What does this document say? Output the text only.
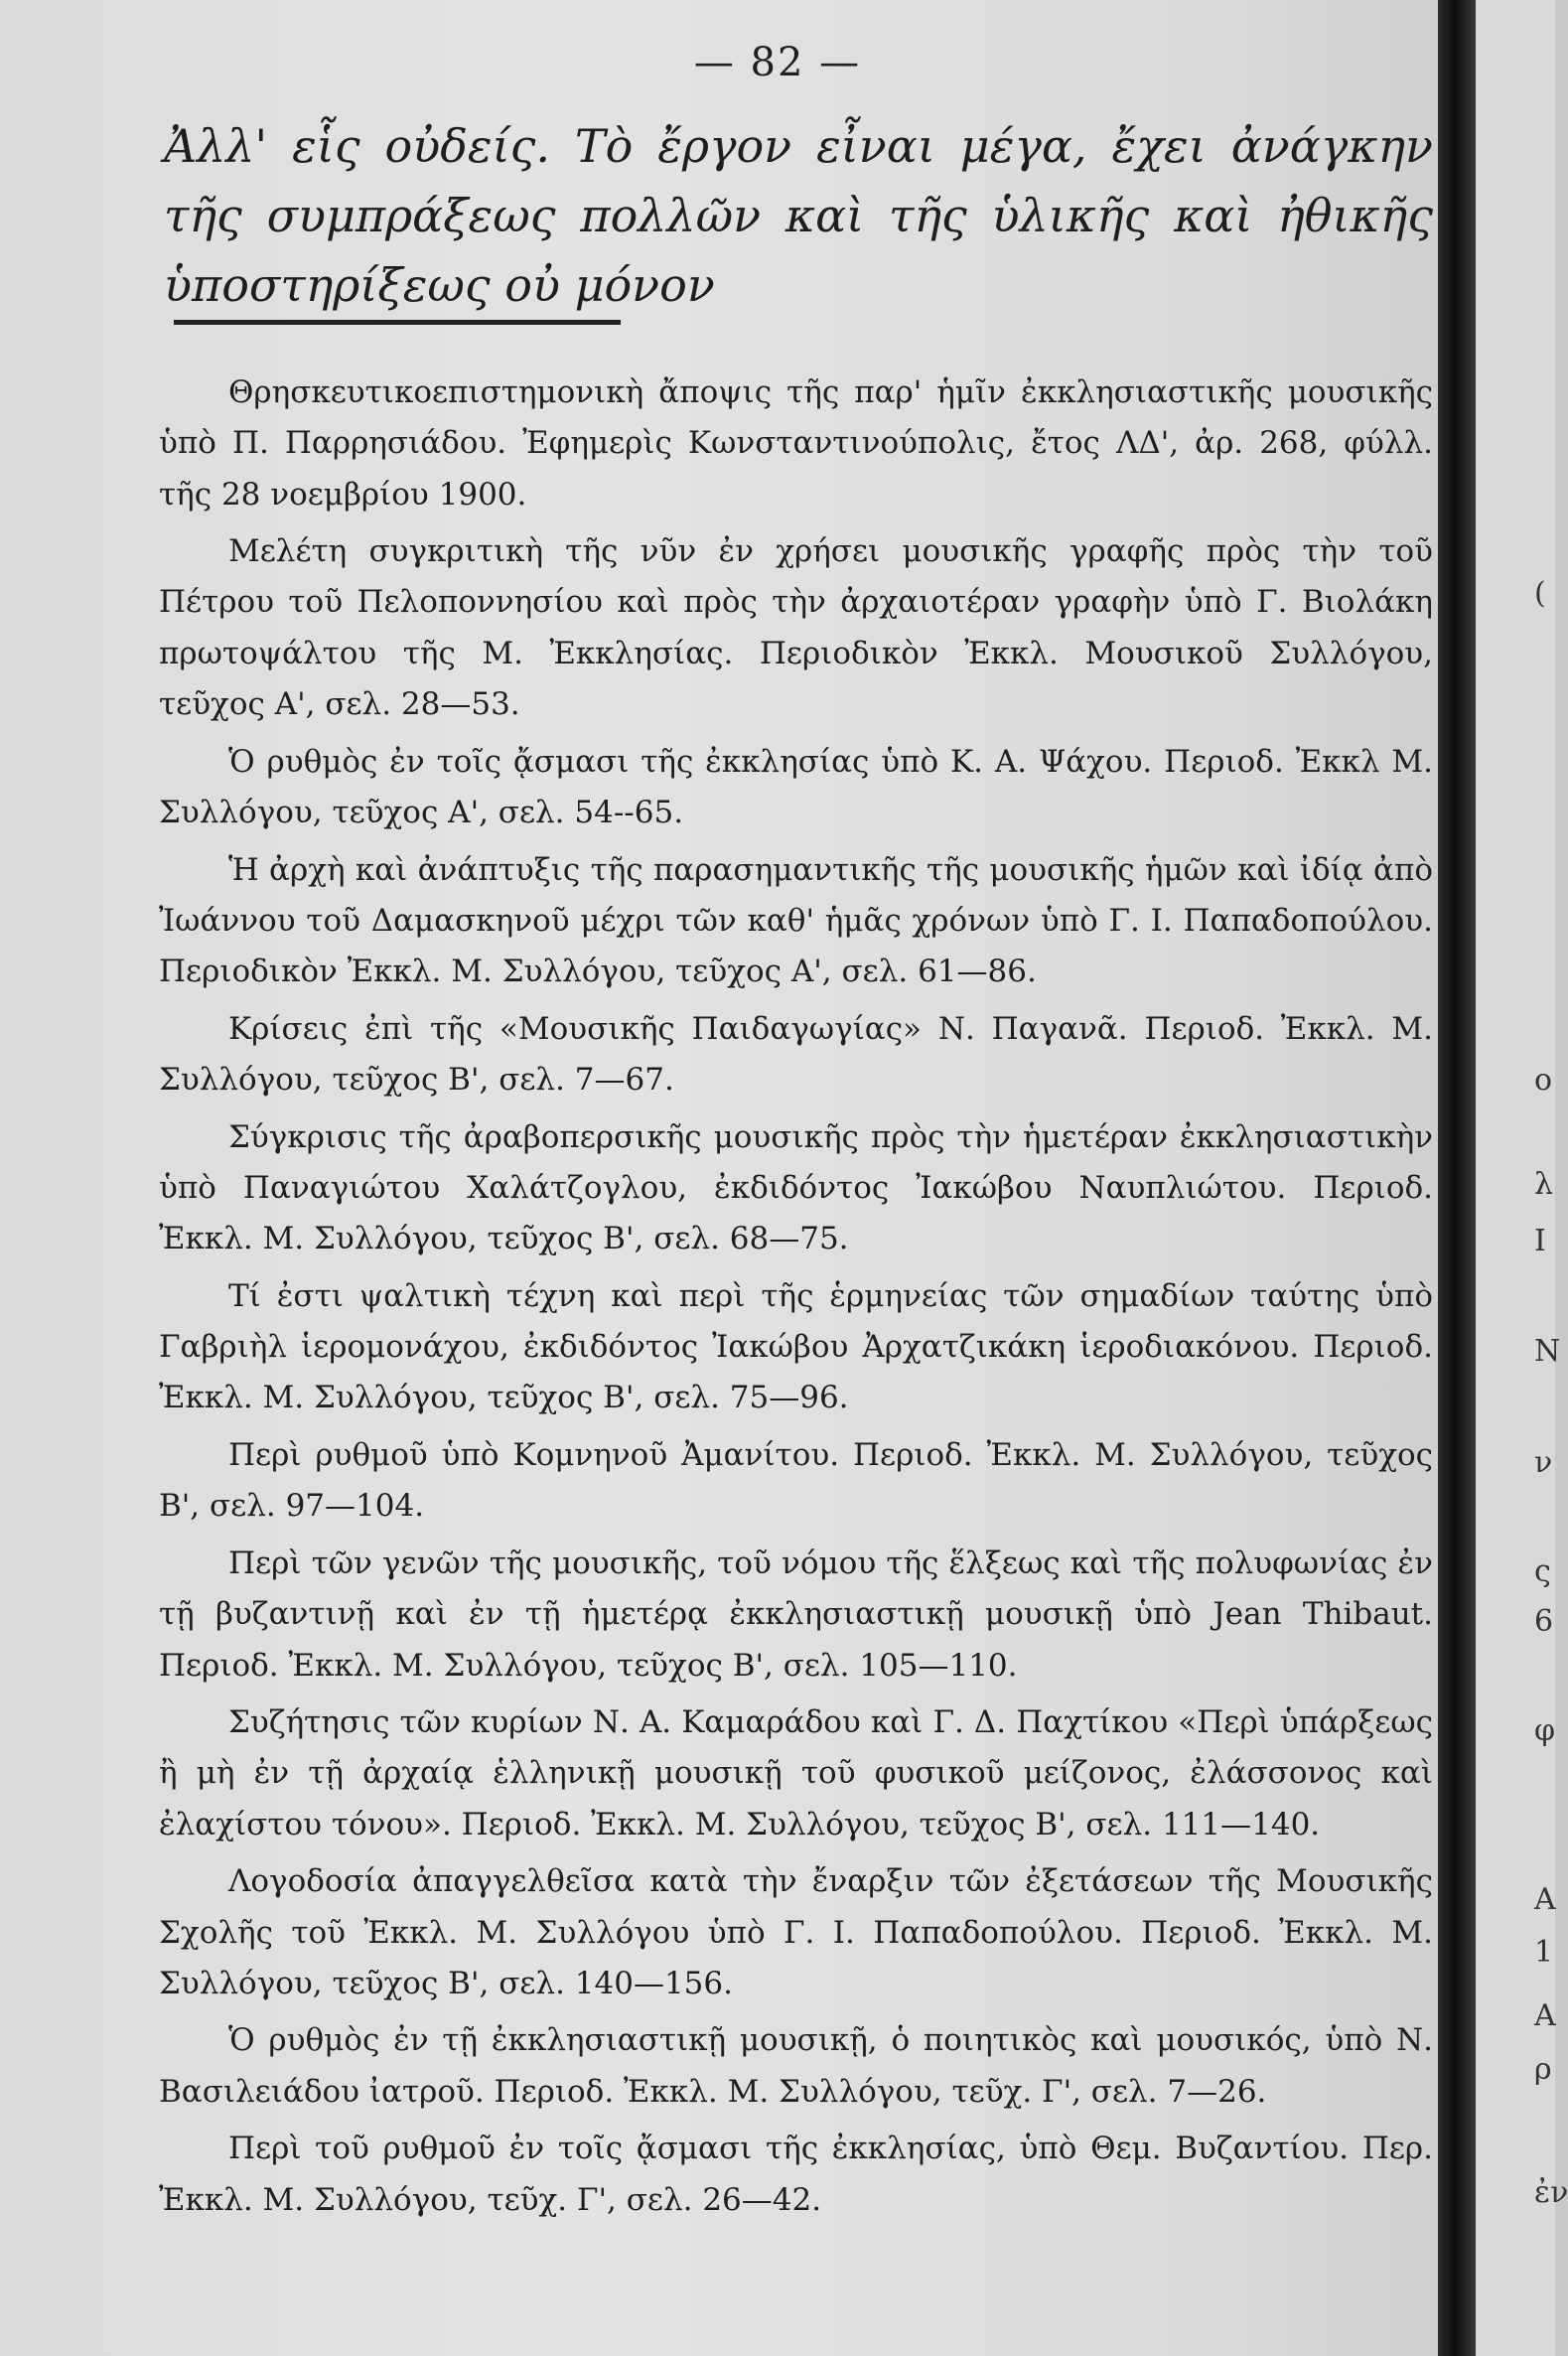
— 82 —

Ἀλλ' εἷς οὐδείς. Τὸ ἔργον εἶναι μέγα, ἔχει ἀνάγκην τῆς συμπράξεως πολλῶν καὶ τῆς ὑλικῆς καὶ ἠθικῆς ὑποστηρίξεως οὐ μόνον

Θρησκευτικοεπιστημονικὴ ἄποψις τῆς παρ' ἡμῖν ἐκκλησιαστικῆς μουσικῆς ὑπὸ Π. Παρρησιάδου. Ἐφημερὶς Κωνσταντινούπολις, ἔτος ΛΔ', ἀρ. 268, φύλλ. τῆς 28 νοεμβρίου 1900.

Μελέτη συγκριτικὴ τῆς νῦν ἐν χρήσει μουσικῆς γραφῆς πρὸς τὴν τοῦ Πέτρου τοῦ Πελοποννησίου καὶ πρὸς τὴν ἀρχαιοτέραν γραφὴν ὑπὸ Γ. Βιολάκη πρωτοψάλτου τῆς Μ. Ἐκκλησίας. Περιοδικὸν Ἐκκλ. Μουσικοῦ Συλλόγου, τεῦχος Α', σελ. 28—53.

Ὁ ρυθμὸς ἐν τοῖς ᾄσμασι τῆς ἐκκλησίας ὑπὸ Κ. Α. Ψάχου. Περιοδ. Ἐκκλ Μ. Συλλόγου, τεῦχος Α', σελ. 54--65.

Ἡ ἀρχὴ καὶ ἀνάπτυξις τῆς παρασημαντικῆς τῆς μουσικῆς ἡμῶν καὶ ἰδίᾳ ἀπὸ Ἰωάννου τοῦ Δαμασκηνοῦ μέχρι τῶν καθ' ἡμᾶς χρόνων ὑπὸ Γ. Ι. Παπαδοπούλου. Περιοδικὸν Ἐκκλ. Μ. Συλλόγου, τεῦχος Α', σελ. 61—86.

Κρίσεις ἐπὶ τῆς «Μουσικῆς Παιδαγωγίας» Ν. Παγανᾶ. Περιοδ. Ἐκκλ. Μ. Συλλόγου, τεῦχος Β', σελ. 7—67.

Σύγκρισις τῆς ἀραβοπερσικῆς μουσικῆς πρὸς τὴν ἡμετέραν ἐκκλησιαστικὴν ὑπὸ Παναγιώτου Χαλάτζογλου, ἐκδιδόντος Ἰακώβου Ναυπλιώτου. Περιοδ. Ἐκκλ. Μ. Συλλόγου, τεῦχος Β', σελ. 68—75.

Τί ἐστι ψαλτικὴ τέχνη καὶ περὶ τῆς ἑρμηνείας τῶν σημαδίων ταύτης ὑπὸ Γαβριὴλ ἱερομονάχου, ἐκδιδόντος Ἰακώβου Ἀρχατζικάκη ἱεροδιακόνου. Περιοδ. Ἐκκλ. Μ. Συλλόγου, τεῦχος Β', σελ. 75—96.

Περὶ ρυθμοῦ ὑπὸ Κομνηνοῦ Ἀμανίτου. Περιοδ. Ἐκκλ. Μ. Συλλόγου, τεῦχος Β', σελ. 97—104.

Περὶ τῶν γενῶν τῆς μουσικῆς, τοῦ νόμου τῆς ἕλξεως καὶ τῆς πολυφωνίας ἐν τῇ βυζαντινῇ καὶ ἐν τῇ ἡμετέρᾳ ἐκκλησιαστικῇ μουσικῇ ὑπὸ Jean Thibaut. Περιοδ. Ἐκκλ. Μ. Συλλόγου, τεῦχος Β', σελ. 105—110.

Συζήτησις τῶν κυρίων Ν. Α. Καμαράδου καὶ Γ. Δ. Παχτίκου «Περὶ ὑπάρξεως ἢ μὴ ἐν τῇ ἀρχαίᾳ ἑλληνικῇ μουσικῇ τοῦ φυσικοῦ μείζονος, ἐλάσσονος καὶ ἐλαχίστου τόνου». Περιοδ. Ἐκκλ. Μ. Συλλόγου, τεῦχος Β', σελ. 111—140.

Λογοδοσία ἀπαγγελθεῖσα κατὰ τὴν ἔναρξιν τῶν ἐξετάσεων τῆς Μουσικῆς Σχολῆς τοῦ Ἐκκλ. Μ. Συλλόγου ὑπὸ Γ. Ι. Παπαδοπούλου. Περιοδ. Ἐκκλ. Μ. Συλλόγου, τεῦχος Β', σελ. 140—156.

Ὁ ρυθμὸς ἐν τῇ ἐκκλησιαστικῇ μουσικῇ, ὁ ποιητικὸς καὶ μουσικός, ὑπὸ Ν. Βασιλειάδου ἰατροῦ. Περιοδ. Ἐκκλ. Μ. Συλλόγου, τεῦχ. Γ', σελ. 7—26.

Περὶ τοῦ ρυθμοῦ ἐν τοῖς ᾄσμασι τῆς ἐκκλησίας, ὑπὸ Θεμ. Βυζαντίου. Περ. Ἐκκλ. Μ. Συλλόγου, τεῦχ. Γ', σελ. 26—42.

(
ο
λ
Ι
Ν
ν
ς
6
φ
Α
1
Α
ρ
ἐν
